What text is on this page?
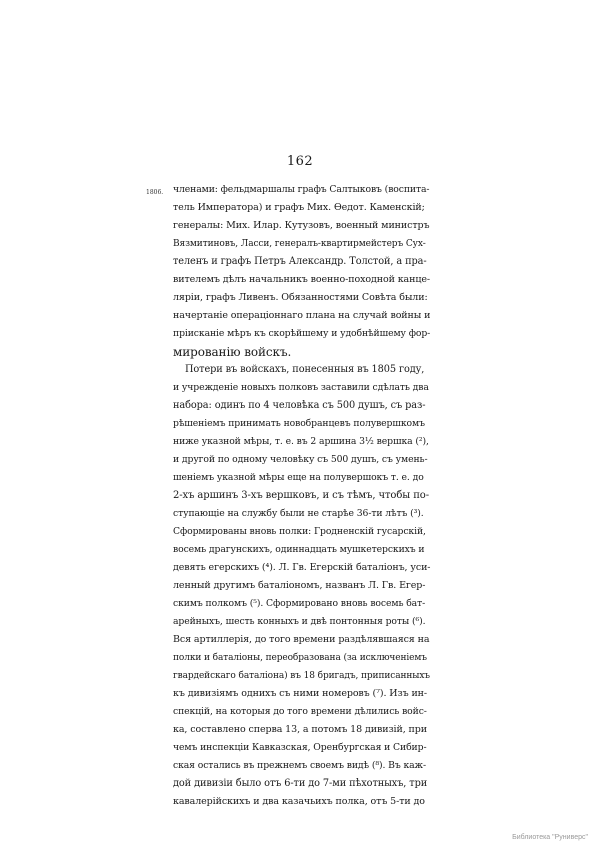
162
1806. членами: фельдмаршалы графъ Салтыковъ (воспита-
тель Императора) и графъ Мих. Ѳедот. Каменскій;
генералы: Мих. Илар. Кутузовъ, военный министръ
Вязмитиновъ, Ласси, генералъ-квартирмейстеръ Сух-
теленъ и графъ Петръ Александр. Толстой, а пра-
вителемъ дѣлъ начальникъ военно-походной канце-
ляріи, графъ Ливенъ. Обязанностями Совѣта были:
начертаніе операціоннаго плана на случай войны и
пріисканіе мѣръ къ скорѣйшему и удобнѣйшему фор-
мированію войскъ.
Потери въ войскахъ, понесенныя въ 1805 году,
и учрежденіе новыхъ полковъ заставили сдѣлать два
набора: одинъ по 4 человѣка съ 500 душъ, съ раз-
рѣшеніемъ принимать новобранцевъ полувершкомъ
ниже указной мѣры, т. е. въ 2 аршина 3½ вершка (²),
и другой по одному человѣку съ 500 душъ, съ умень-
шеніемъ указной мѣры еще на полувершокъ т. е. до
2-хъ аршинъ 3-хъ вершковъ, и съ тѣмъ, чтобы по-
ступающіе на службу были не старѣе 36-ти лѣтъ (³).
Сформированы вновь полки: Гродненскій гусарскій,
восемь драгунскихъ, одиннадцать мушкетерскихъ и
девять егерскихъ (⁴). Л. Гв. Егерскій баталіонъ, уси-
ленный другимъ баталіономъ, названъ Л. Гв. Егер-
скимъ полкомъ (⁵). Сформировано вновь восемь бат-
арейныхъ, шесть конныхъ и двѣ понтонныя роты (⁶).
Вся артиллерія, до того времени раздѣлявшаяся на
полки и баталіоны, переобразована (за исключеніемъ
гвардейскаго баталіона) въ 18 бригадъ, приписанныхъ
къ дивизіямъ однихъ съ ними номеровъ (⁷). Изъ ин-
спекцій, на которыя до того времени дѣлились войс-
ка, составлено сперва 13, а потомъ 18 дивизій, при
чемъ инспекціи Кавказская, Оренбургская и Сибир-
ская остались въ прежнемъ своемъ видѣ (⁸). Въ каж-
дой дивизіи было отъ 6-ти до 7-ми пѣхотныхъ, три
кавалерійскихъ и два казачьихъ полка, отъ 5-ти до
Библиотека "Руниверс"
